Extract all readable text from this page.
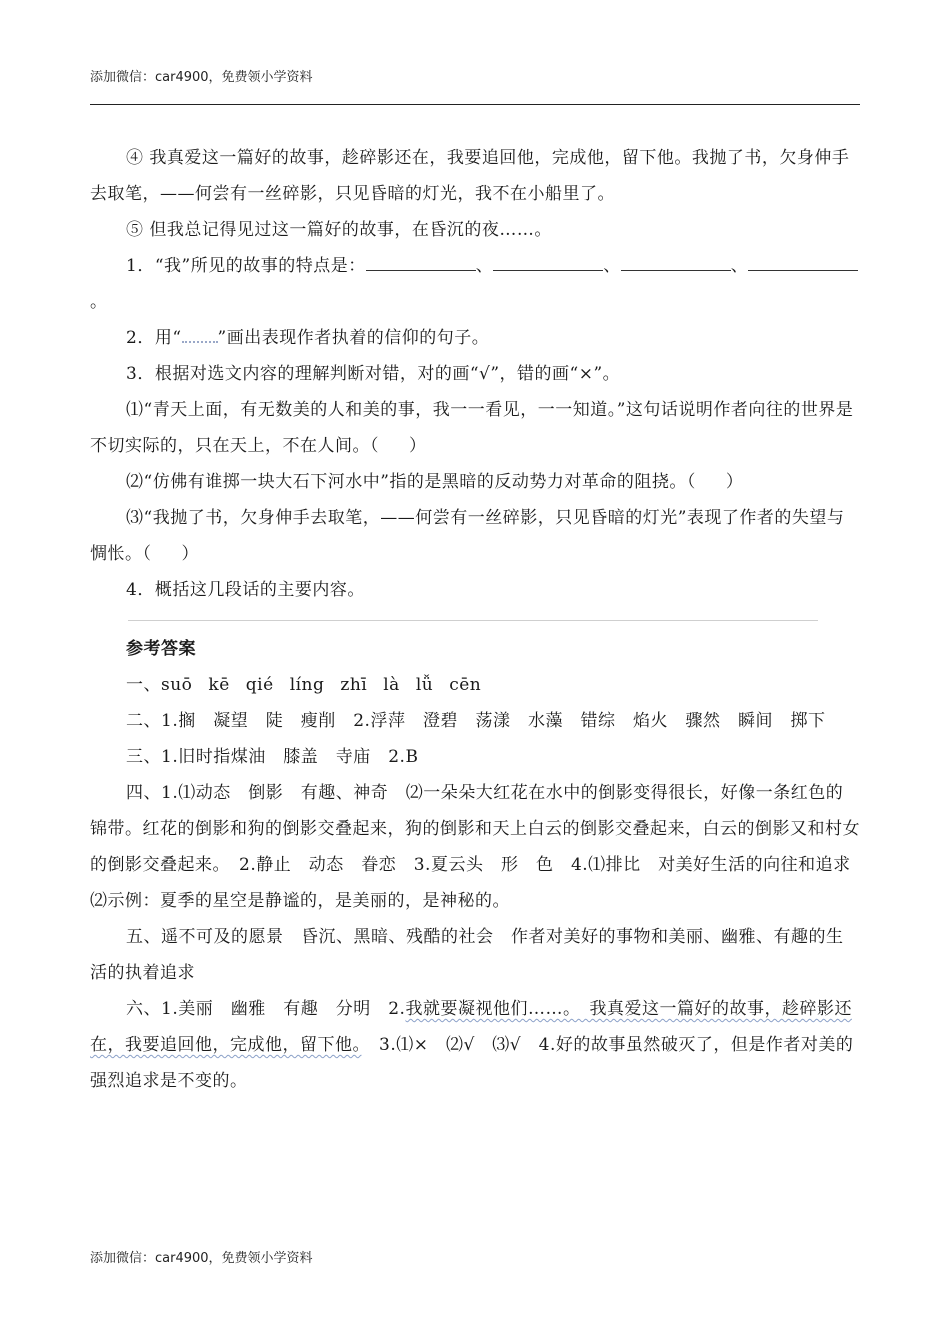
添加微信：car4900，免费领小学资料

④ 我真爱这一篇好的故事，趁碎影还在，我要追回他，完成他，留下他。我抛了书，欠身伸手去取笔，——何尝有一丝碎影，只见昏暗的灯光，我不在小船里了。

⑤ 但我总记得见过这一篇好的故事，在昏沉的夜……。

1．“我”所见的故事的特点是：	、	、	、。

2．用“ ”画出表现作者执着的信仰的句子。

3．根据对选文内容的理解判断对错，对的画“√”，错的画“×”。

⑴“青天上面，有无数美的人和美的事，我一一看见，一一知道。”这句话说明作者向往的世界是不切实际的，只在天上，不在人间。（ ）

⑵“仿佛有谁掷一块大石下河水中”指的是黑暗的反动势力对革命的阻挠。（ ）

⑶“我抛了书，欠身伸手去取笔，——何尝有一丝碎影，只见昏暗的灯光”表现了作者的失望与惆怅。（ ）

4．概括这几段话的主要内容。

参考答案

一、suō kē qié líng zhī là lǚ cēn

二、1.搁　凝望　陡　瘦削　2.浮萍　澄碧　荡漾　水藻　错综　焰火　骤然　瞬间　掷下

三、1.旧时指煤油　膝盖　寺庙　2.B

四、1.⑴动态　倒影　有趣、神奇　⑵一朵朵大红花在水中的倒影变得很长，好像一条红色的锦带。红花的倒影和狗的倒影交叠起来，狗的倒影和天上白云的倒影交叠起来，白云的倒影又和村女的倒影交叠起来。　2.静止　动态　眷恋　3.夏云头　形　色　4.⑴排比　对美好生活的向往和追求　⑵示例：夏季的星空是静谧的，是美丽的，是神秘的。

五、遥不可及的愿景　昏沉、黑暗、残酷的社会　作者对美好的事物和美丽、幽雅、有趣的生活的执着追求

六、1.美丽　幽雅　有趣　分明　2.我就要凝视他们……。　我真爱这一篇好的故事，趁碎影还在，我要追回他，完成他，留下他。　3.⑴×　⑵√　⑶√　4.好的故事虽然破灭了，但是作者对美的强烈追求是不变的。

添加微信：car4900，免费领小学资料
